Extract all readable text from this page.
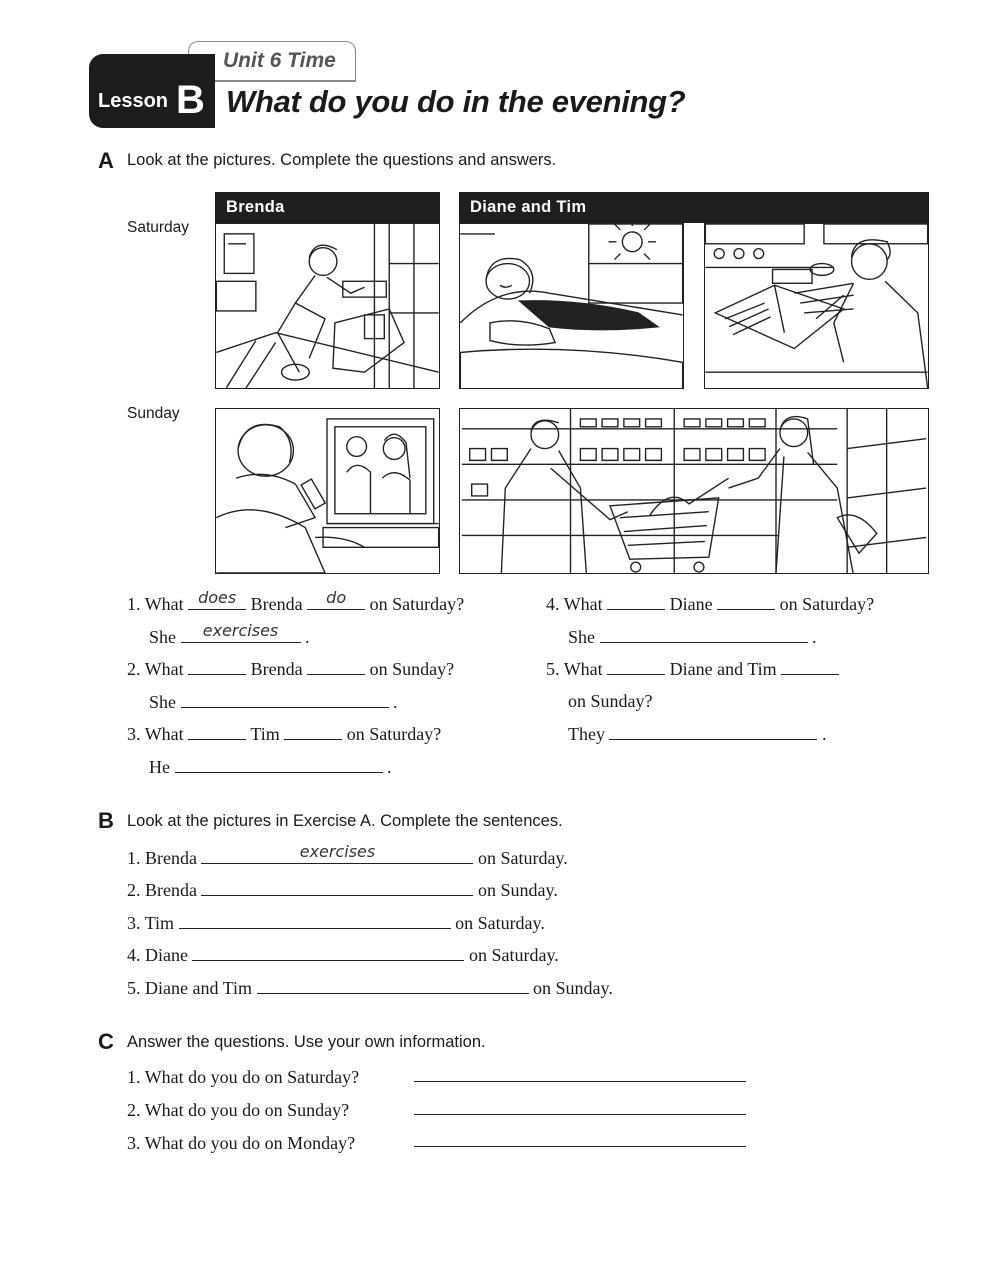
Unit 6 Time
Lesson B What do you do in the evening?
A Look at the pictures. Complete the questions and answers.
Saturday
Sunday
Brenda	Diane and Tim
1. What does Brenda	do	on Saturday?
She	exercises	.
2. What	Brenda	on Sunday?
She	.
3. What	Tim	on Saturday?
He	.
4. What	Diane	on Saturday?
She	.
5. What	Diane and Tim
on Sunday?
They	.
B Look at the pictures in Exercise A. Complete the sentences.
1. Brenda	exercises	on Saturday.
2. Brenda	on Sunday.
3. Tim	on Saturday.
4. Diane	on Saturday.
5. Diane and Tim	on Sunday.
C Answer the questions. Use your own information.
1. What do you do on Saturday?
2. What do you do on Sunday?
3. What do you do on Monday?
